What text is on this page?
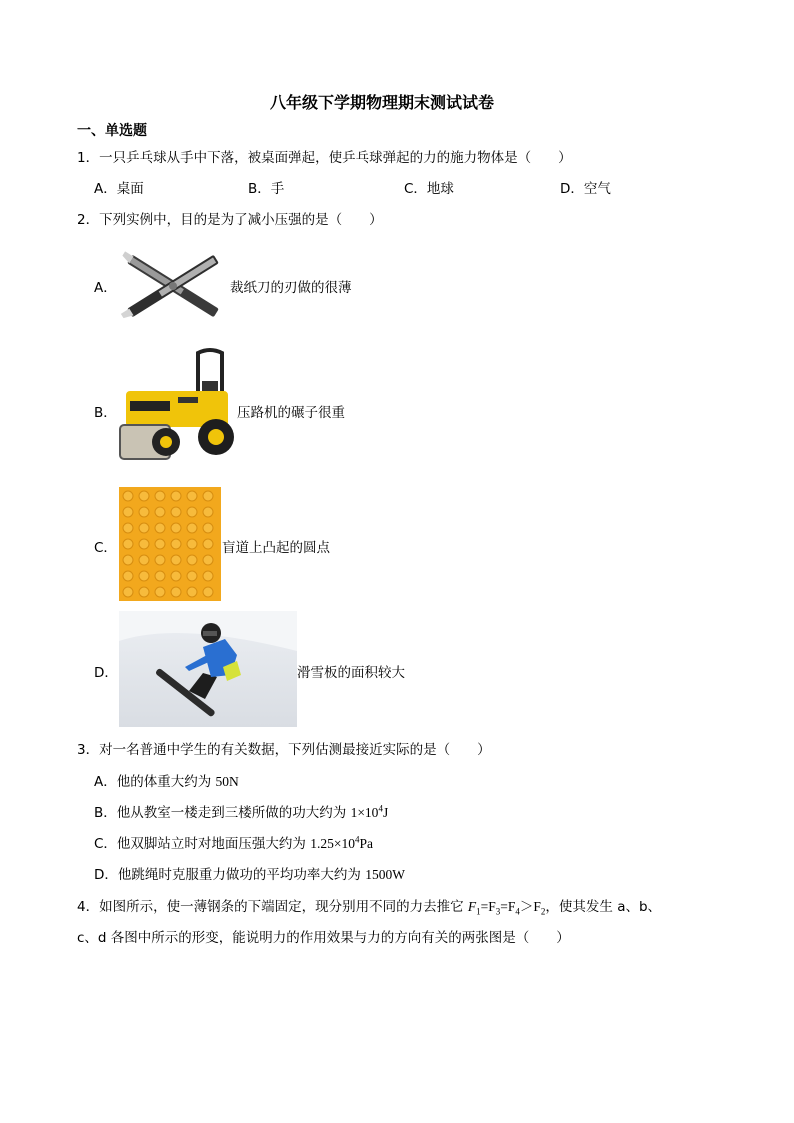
八年级下学期物理期末测试试卷
一、单选题
1．一只乒乓球从手中下落，被桌面弹起，使乒乓球弹起的力的施力物体是（　　）
A．桌面	B．手	C．地球	D．空气
2．下列实例中，目的是为了减小压强的是（　　）
A．	裁纸刀的刃做的很薄
B．	压路机的碾子很重
C．	盲道上凸起的圆点
D．	滑雪板的面积较大
3．对一名普通中学生的有关数据，下列估测最接近实际的是（　　）
A．他的体重大约为 50N
B．他从教室一楼走到三楼所做的功大约为 $1\times 10^4J$
C．他双脚站立时对地面压强大约为 $1.25\times 10^4Pa$
D．他跳绳时克服重力做功的平均功率大约为 1500W
4．如图所示，使一薄钢条的下端固定，现分别用不同的力去推它 $F_1=F_3=F_4>F_2$，使其发生 a、b、
c、d 各图中所示的形变，能说明力的作用效果与力的方向有关的两张图是（　　）
